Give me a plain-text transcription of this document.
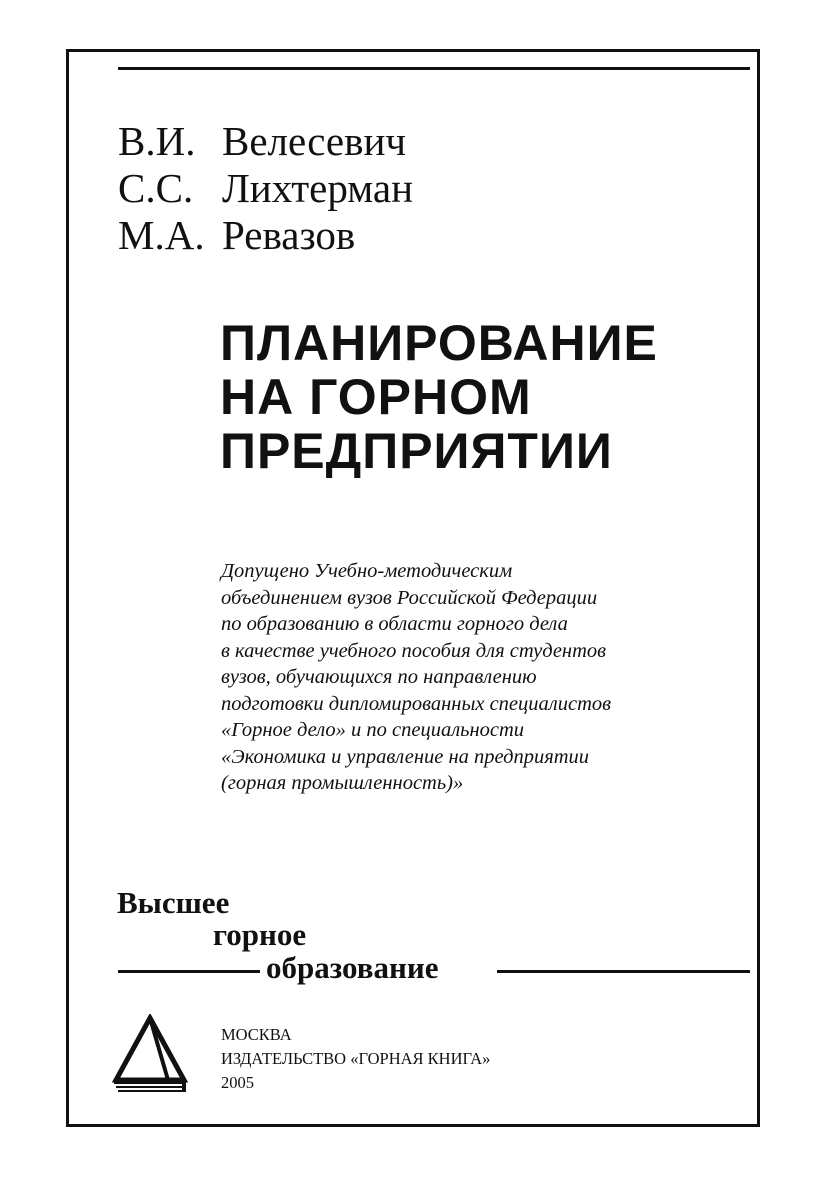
В.И. Велесевич
С.С. Лихтерман
М.А. Ревазов
ПЛАНИРОВАНИЕ
НА ГОРНОМ
ПРЕДПРИЯТИИ

Допущено Учебно-методическим
объединением вузов Российской Федерации
по образованию в области горного дела
в качестве учебного пособия для студентов
вузов, обучающихся по направлению
подготовки дипломированных специалистов
«Горное дело» и по специальности
«Экономика и управление на предприятии
(горная промышленность)»

Высшее
горное
образование
МОСКВА
ИЗДАТЕЛЬСТВО «ГОРНАЯ КНИГА»
2005
